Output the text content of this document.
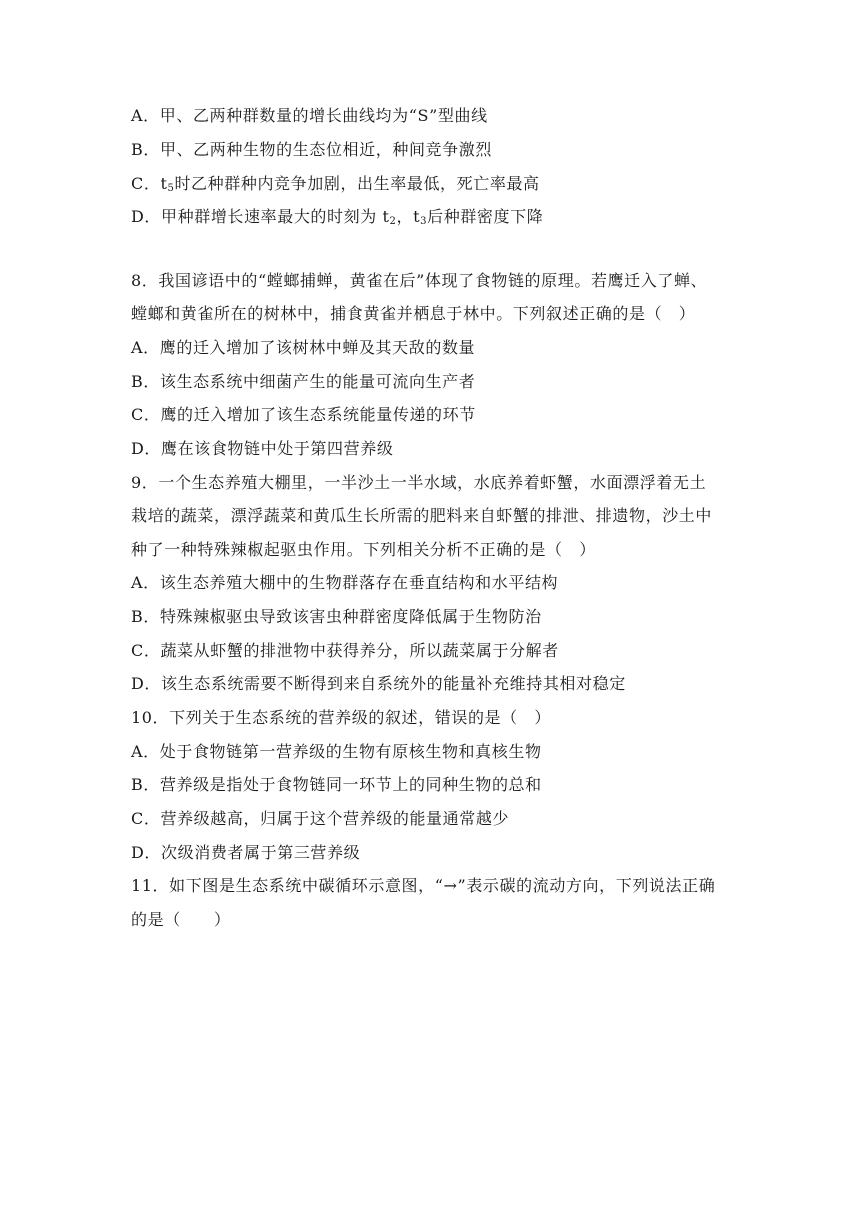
A．甲、乙两种群数量的增长曲线均为“S”型曲线
B．甲、乙两种生物的生态位相近，种间竞争激烈
C．$t_5$时乙种群种内竞争加剧，出生率最低，死亡率最高
D．甲种群增长速率最大的时刻为 $t_2$，$t_3$后种群密度下降
8．我国谚语中的“螳螂捕蝉，黄雀在后”体现了食物链的原理。若鹰迁入了蝉、
螳螂和黄雀所在的树林中，捕食黄雀并栖息于林中。下列叙述正确的是（　）
A．鹰的迁入增加了该树林中蝉及其天敌的数量
B．该生态系统中细菌产生的能量可流向生产者
C．鹰的迁入增加了该生态系统能量传递的环节
D．鹰在该食物链中处于第四营养级
9．一个生态养殖大棚里，一半沙土一半水域，水底养着虾蟹，水面漂浮着无土
栽培的蔬菜，漂浮蔬菜和黄瓜生长所需的肥料来自虾蟹的排泄、排遗物，沙土中
种了一种特殊辣椒起驱虫作用。下列相关分析不正确的是（　）
A．该生态养殖大棚中的生物群落存在垂直结构和水平结构
B．特殊辣椒驱虫导致该害虫种群密度降低属于生物防治
C．蔬菜从虾蟹的排泄物中获得养分，所以蔬菜属于分解者
D．该生态系统需要不断得到来自系统外的能量补充维持其相对稳定
10．下列关于生态系统的营养级的叙述，错误的是（　）
A．处于食物链第一营养级的生物有原核生物和真核生物
B．营养级是指处于食物链同一环节上的同种生物的总和
C．营养级越高，归属于这个营养级的能量通常越少
D．次级消费者属于第三营养级
11．如下图是生态系统中碳循环示意图，“→”表示碳的流动方向，下列说法正确
的是（　　）
